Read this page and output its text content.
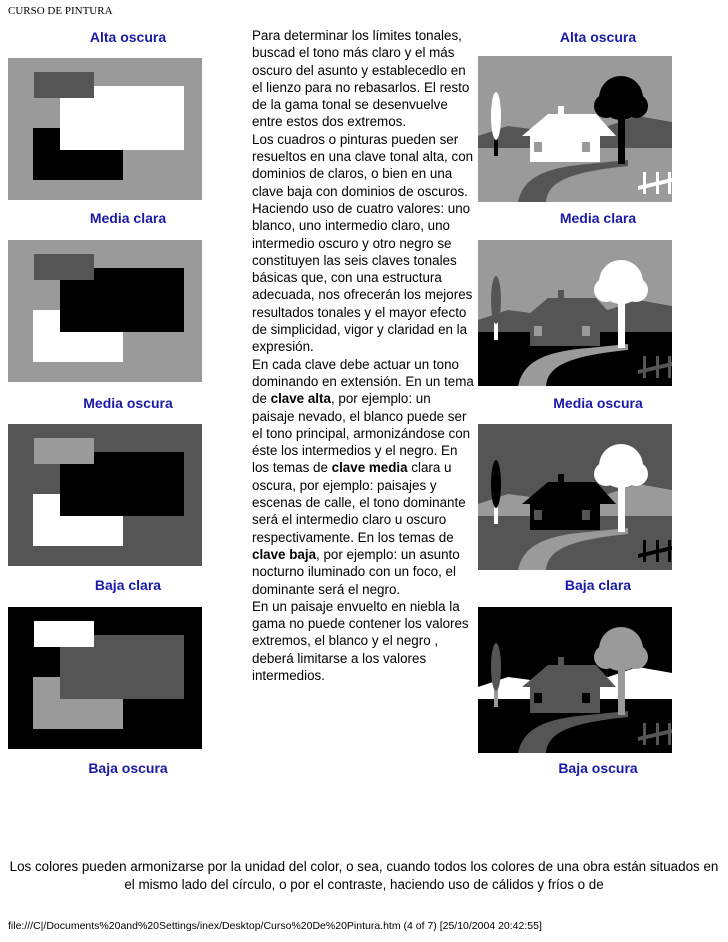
CURSO DE PINTURA
Alta oscura
Media clara
Media oscura
Baja clara
Baja oscura
Alta oscura
Media clara
Media oscura
Baja clara
Baja oscura

Para determinar los límites tonales, buscad el tono más claro y el más oscuro del asunto y establecedlo en el lienzo para no rebasarlos. El resto de la gama tonal se desenvuelve entre estos dos extremos.

Los cuadros o pinturas pueden ser resueltos en una clave tonal alta, con dominios de claros, o bien en una clave baja con dominios de oscuros. Haciendo uso de cuatro valores: uno blanco, uno intermedio claro, uno intermedio oscuro y otro negro se constituyen las seis claves tonales básicas que, con una estructura adecuada, nos ofrecerán los mejores resultados tonales y el mayor efecto de simplicidad, vigor y claridad en la expresión.

En cada clave debe actuar un tono dominando en extensión. En un tema de clave alta, por ejemplo: un paisaje nevado, el blanco puede ser el tono principal, armonizándose con éste los intermedios y el negro. En los temas de clave media clara u oscura, por ejemplo: paisajes y escenas de calle, el tono dominante será el intermedio claro u oscuro respectivamente. En los temas de clave baja, por ejemplo: un asunto nocturno iluminado con un foco, el dominante será el negro.

En un paisaje envuelto en niebla la gama no puede contener los valores extremos, el blanco y el negro , deberá limitarse a los valores intermedios.

Los colores pueden armonizarse por la unidad del color, o sea, cuando todos los colores de una obra están situados en el mismo lado del círculo, o por el contraste, haciendo uso de cálidos y fríos o de
file:///C|/Documents%20and%20Settings/inex/Desktop/Curso%20De%20Pintura.htm (4 of 7) [25/10/2004 20:42:55]
